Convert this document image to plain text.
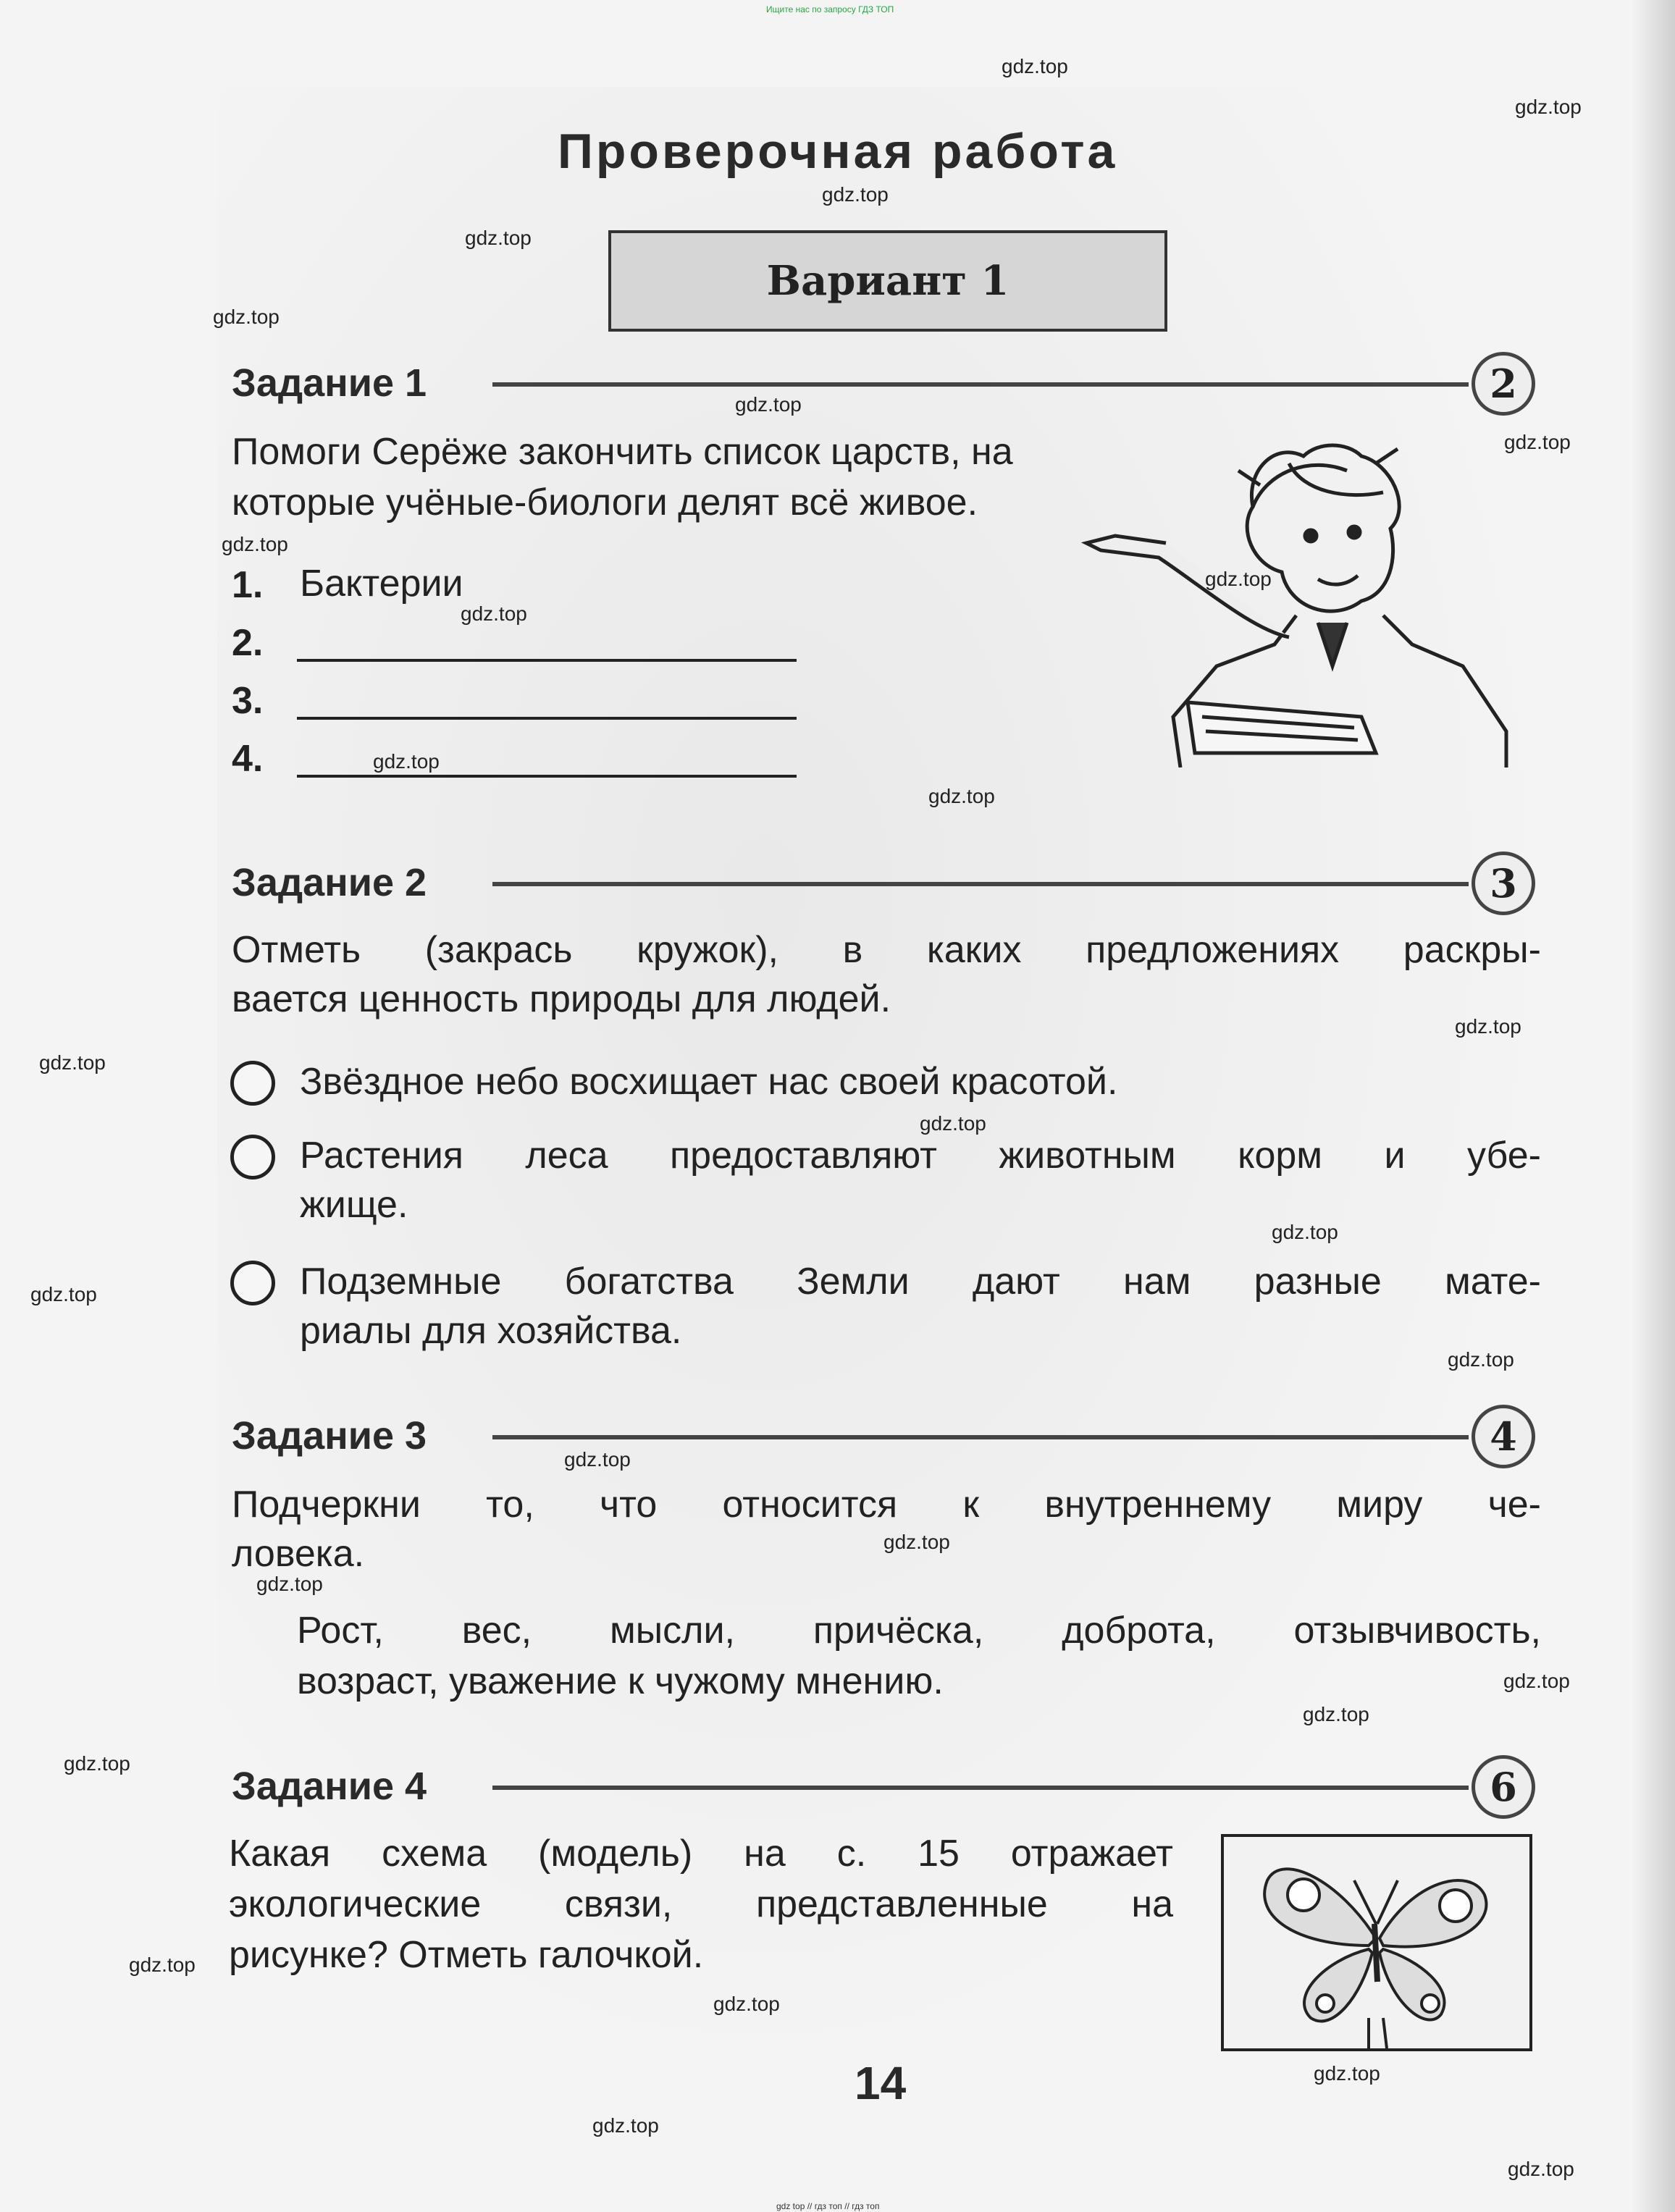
Ищите нас по запросу ГДЗ ТОП
Проверочная работа
Вариант 1
Задание 1	2
Помоги Серёже закончить список царств, на
которые учёные-биологи делят всё живое.
1. Бактерии
2.
3.
4.
Задание 2	3
Отметь (закрась кружок), в каких предложениях раскры-
вается ценность природы для людей.
Звёздное небо восхищает нас своей красотой.
Растения леса предоставляют животным корм и убе-
жище.
Подземные богатства Земли дают нам разные мате-
риалы для хозяйства.
Задание 3	4
Подчеркни то, что относится к внутреннему миру че-
ловека.
Рост, вес, мысли, причёска, доброта, отзывчивость,
возраст, уважение к чужому мнению.
Задание 4	6
Какая схема (модель) на с. 15 отражает
экологические связи, представленные на
рисунке? Отметь галочкой.
14
gdz top // гдз топ // гдз топ
gdz.top
gdz.top
gdz.top
gdz.top
gdz.top
gdz.top
gdz.top
gdz.top
gdz.top
gdz.top
gdz.top
gdz.top
gdz.top
gdz.top
gdz.top
gdz.top
gdz.top
gdz.top
gdz.top
gdz.top
gdz.top
gdz.top
gdz.top
gdz.top
gdz.top
gdz.top
gdz.top
gdz.top
gdz.top
